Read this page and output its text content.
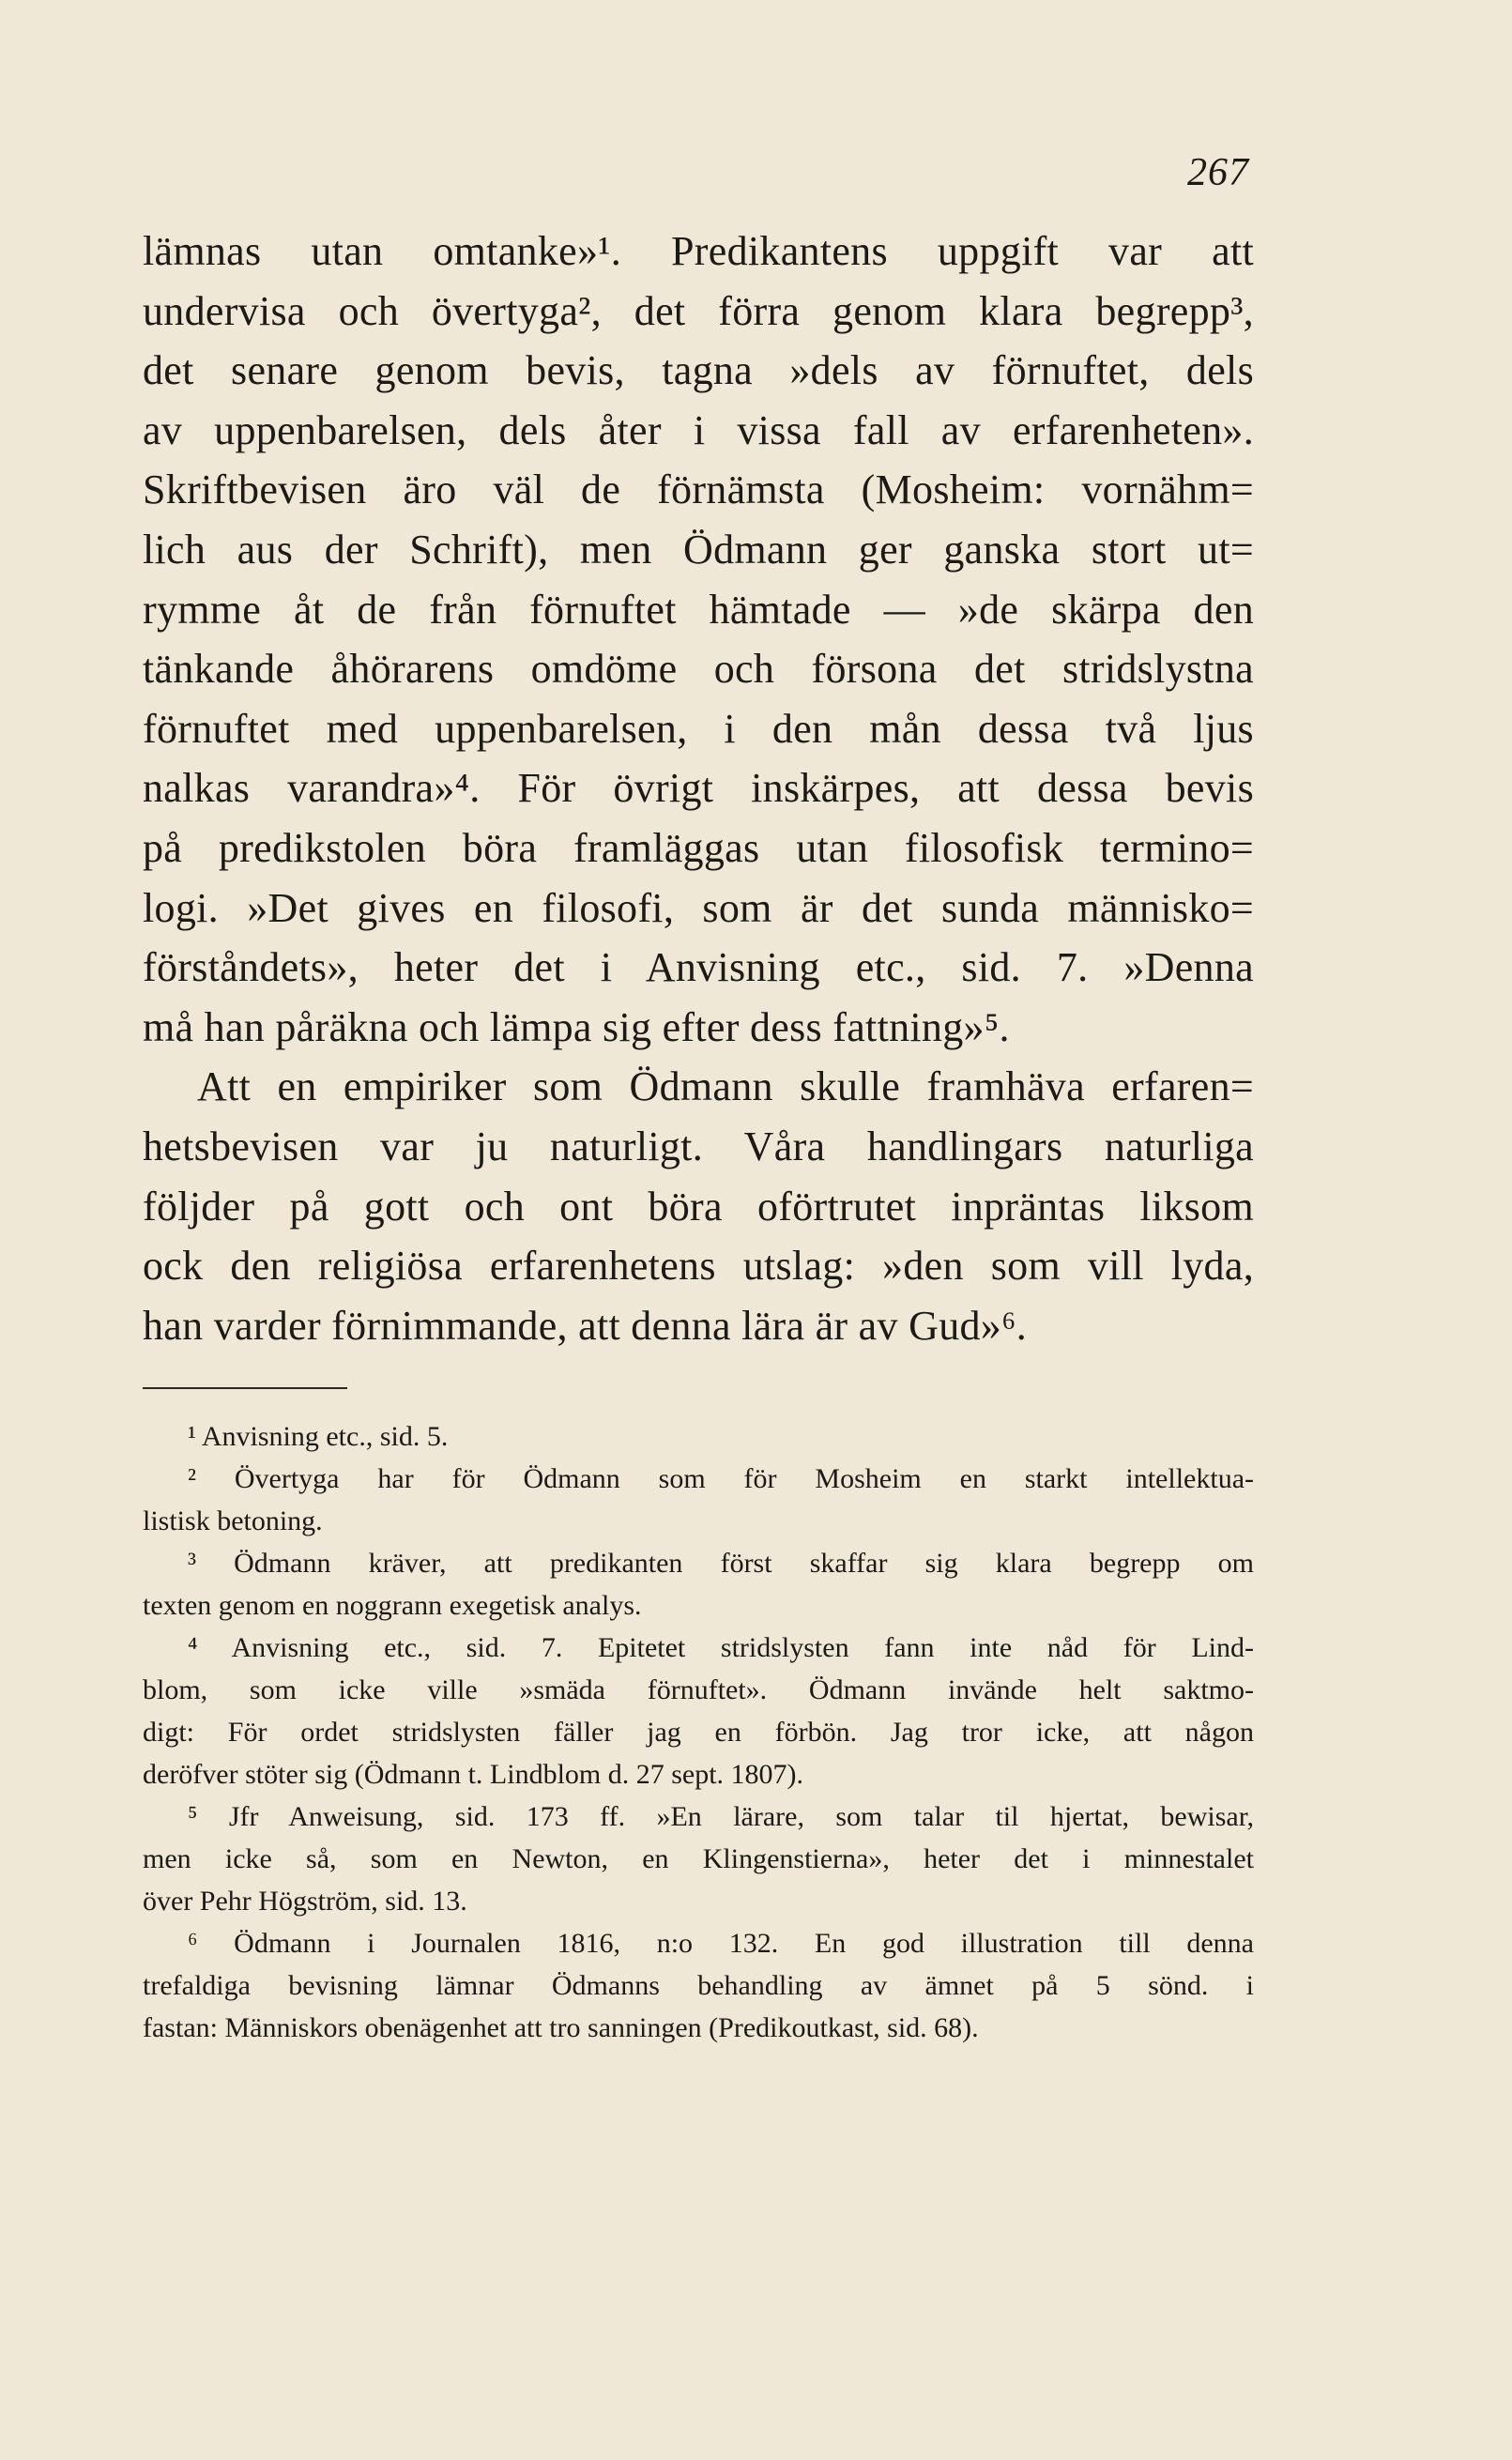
267
lämnas utan omtanke»¹. Predikantens uppgift var att
undervisa och övertyga², det förra genom klara begrepp³,
det senare genom bevis, tagna »dels av förnuftet, dels
av uppenbarelsen, dels åter i vissa fall av erfarenheten».
Skriftbevisen äro väl de förnämsta (Mosheim: vornähm=
lich aus der Schrift), men Ödmann ger ganska stort ut=
rymme åt de från förnuftet hämtade — »de skärpa den
tänkande åhörarens omdöme och försona det stridslystna
förnuftet med uppenbarelsen, i den mån dessa två ljus
nalkas varandra»⁴. För övrigt inskärpes, att dessa bevis
på predikstolen böra framläggas utan filosofisk termino=
logi. »Det gives en filosofi, som är det sunda människo=
förståndets», heter det i Anvisning etc., sid. 7. »Denna
må han påräkna och lämpa sig efter dess fattning»⁵.
Att en empiriker som Ödmann skulle framhäva erfaren=
hetsbevisen var ju naturligt. Våra handlingars naturliga
följder på gott och ont böra oförtrutet inpräntas liksom
ock den religiösa erfarenhetens utslag: »den som vill lyda,
han varder förnimmande, att denna lära är av Gud»⁶.
¹ Anvisning etc., sid. 5.
² Övertyga har för Ödmann som för Mosheim en starkt intellektua-
listisk betoning.
³ Ödmann kräver, att predikanten först skaffar sig klara begrepp om
texten genom en noggrann exegetisk analys.
⁴ Anvisning etc., sid. 7. Epitetet stridslysten fann inte nåd för Lind-
blom, som icke ville »smäda förnuftet». Ödmann invände helt saktmo-
digt: För ordet stridslysten fäller jag en förbön. Jag tror icke, att någon
deröfver stöter sig (Ödmann t. Lindblom d. 27 sept. 1807).
⁵ Jfr Anweisung, sid. 173 ff. »En lärare, som talar til hjertat, bewisar,
men icke så, som en Newton, en Klingenstierna», heter det i minnestalet
över Pehr Högström, sid. 13.
⁶ Ödmann i Journalen 1816, n:o 132. En god illustration till denna
trefaldiga bevisning lämnar Ödmanns behandling av ämnet på 5 sönd. i
fastan: Människors obenägenhet att tro sanningen (Predikoutkast, sid. 68).
